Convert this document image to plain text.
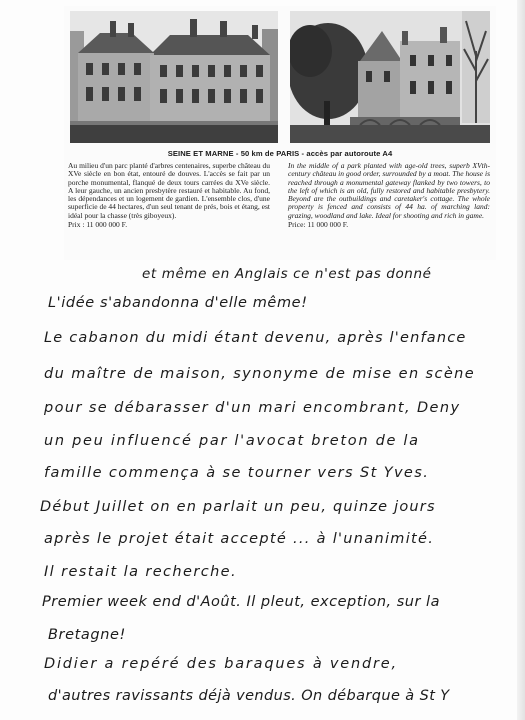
SEINE ET MARNE - 50 km de PARIS - accès par autoroute A4
Au milieu d'un parc planté d'arbres centenaires, superbe château du XVe siècle en bon état, entouré de douves. L'accès se fait par un porche monumental, flanqué de deux tours carrées du XVe siècle. A leur gauche, un ancien presbytère restauré et habitable. Au fond, les dépendances et un logement de gardien. L'ensemble clos, d'une superficie de 44 hectares, d'un seul tenant de prés, bois et étang, est idéal pour la chasse (très giboyeux).
Prix : 11 000 000 F.
In the middle of a park planted with age-old trees, superb XVth-century château in good order, surrounded by a moat. The house is reached through a monumental gateway flanked by two towers, to the left of which is an old, fully restored and habitable presbytery. Beyond are the outbuildings and caretaker's cottage. The whole property is fenced and consists of 44 ha. of marching land: grazing, woodland and lake. Ideal for shooting and rich in game.
Price: 11 000 000 F.
et même en Anglais ce n'est pas donné
L'idée s'abandonna d'elle même!
Le cabanon du midi étant devenu, après l'enfance
du maître de maison, synonyme de mise en scène
pour se débarasser d'un mari encombrant, Deny
un peu influencé par l'avocat breton de la
famille commença à se tourner vers St Yves.
Début Juillet on en parlait un peu, quinze jours
après le projet était accepté ... à l'unanimité.
Il restait la recherche.
Premier week end d'Août. Il pleut, exception, sur la
Bretagne!
Didier a repéré des baraques à vendre,
d'autres ravissants déjà vendus. On débarque à St Y
